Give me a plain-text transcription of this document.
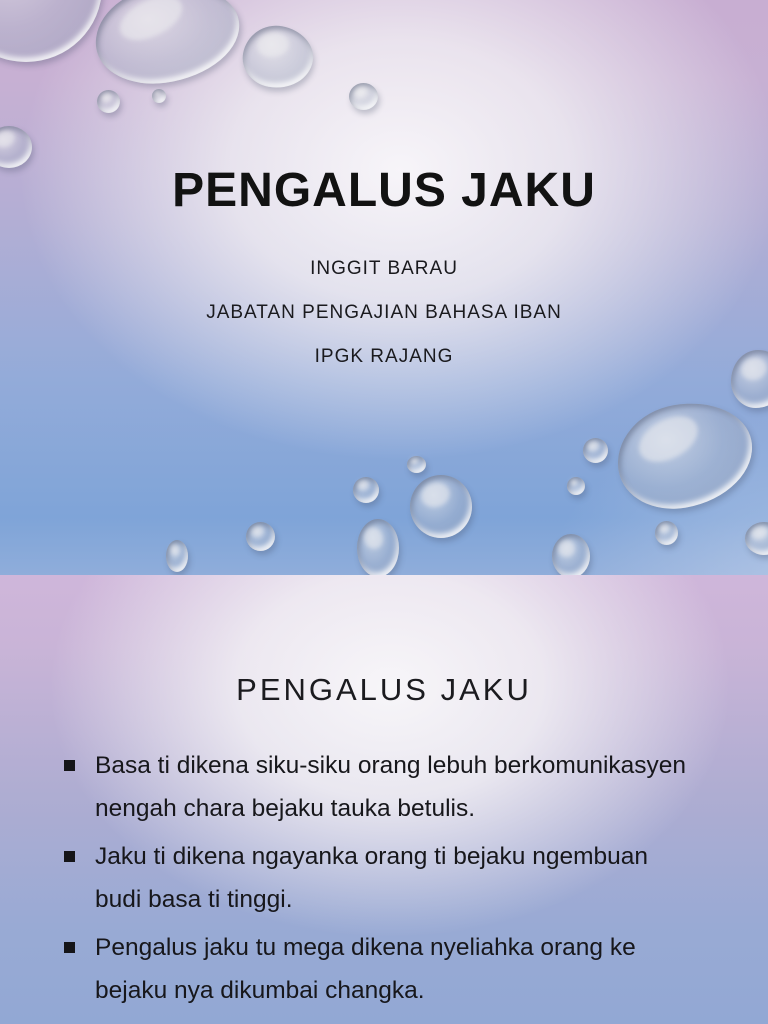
PENGALUS JAKU
INGGIT BARAU
JABATAN PENGAJIAN BAHASA IBAN
IPGK RAJANG
PENGALUS JAKU
Basa ti dikena siku-siku orang lebuh berkomunikasyen
nengah chara bejaku tauka betulis.
Jaku ti dikena ngayanka orang ti bejaku ngembuan
budi basa ti tinggi.
Pengalus jaku tu mega dikena nyeliahka orang ke
bejaku nya dikumbai changka.
